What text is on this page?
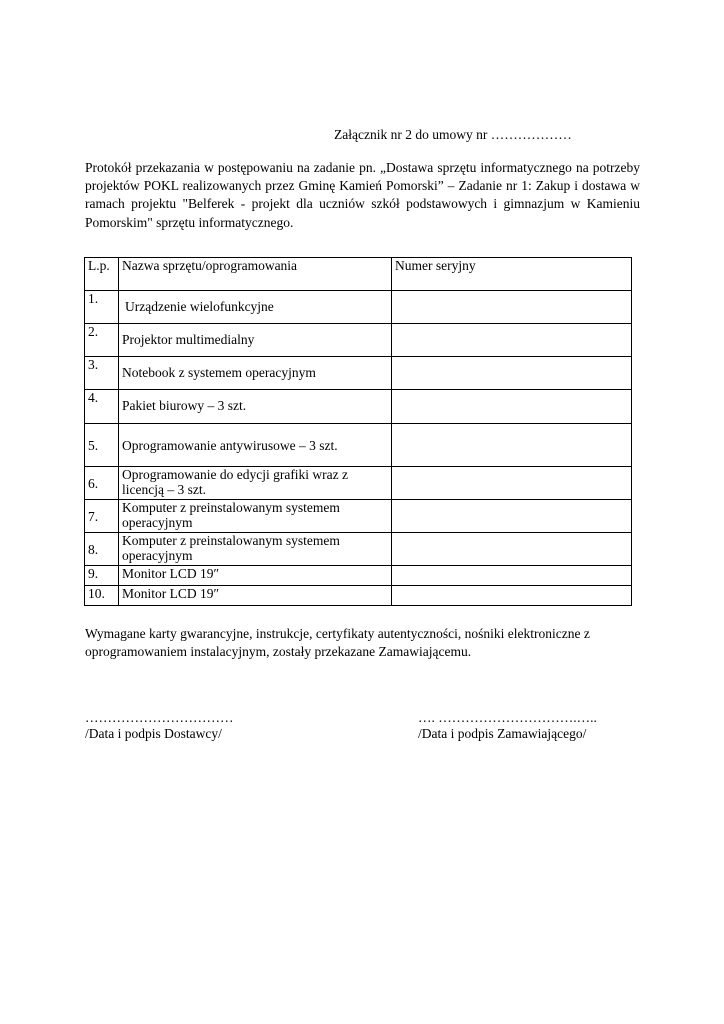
Załącznik nr 2 do umowy nr ………………
Protokół przekazania w postępowaniu na zadanie pn. „Dostawa sprzętu informatycznego na potrzeby projektów POKL realizowanych przez Gminę Kamień Pomorski” – Zadanie nr 1: Zakup i dostawa w ramach projektu "Belferek - projekt dla uczniów szkół podstawowych i gimnazjum w Kamieniu Pomorskim" sprzętu informatycznego.
L.p.	Nazwa sprzętu/oprogramowania	Numer seryjny
1.	Urządzenie wielofunkcyjne	

2.	Projektor multimedialny	

3.	Notebook z systemem operacyjnym	

4.	Pakiet biurowy – 3 szt.	

5.	Oprogramowanie antywirusowe – 3 szt.	
6.	Oprogramowanie do edycji grafiki wraz z licencją – 3 szt.	
7.	Komputer z preinstalowanym systemem operacyjnym	
8.	Komputer z preinstalowanym systemem operacyjnym	
9.	Monitor LCD 19″	
10.	Monitor LCD 19″	
Wymagane karty gwarancyjne, instrukcje, certyfikaty autentyczności, nośniki elektroniczne z oprogramowaniem instalacyjnym, zostały przekazane Zamawiającemu.
……………………………
/Data i podpis Dostawcy/
…. ………………………….…..
/Data i podpis Zamawiającego/
